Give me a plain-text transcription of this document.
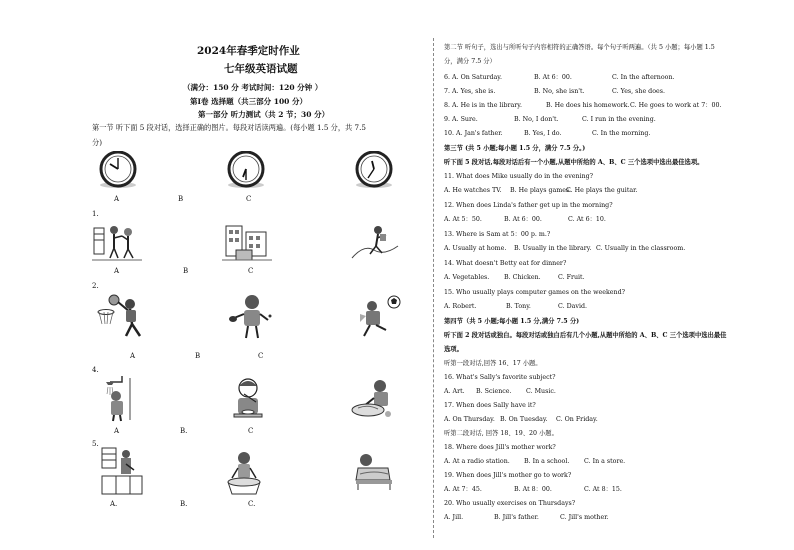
2024年春季定时作业
七年级英语试题
（满分：150 分 考试时间：120 分钟 ）
第Ⅰ卷 选择题（共三部分 100 分）
第一部分 听力测试（共 2 节；30 分）
第一节 听下面 5 段对话，选择正确的图片。每段对话读两遍。(每小题 1.5 分，共 7.5
分)
A	B	C
1.
A	B	C
2.
A	B	C
4.
A	B.	C
5.
A.	B.	C.
第二节 听句子，选出与所听句子内容相符的正确答语。每个句子听两遍。（共 5 小题；每小题 1.5
分，满分 7.5 分）
6. A. On Saturday.	B. At 6：00.	C. In the afternoon.
7. A. Yes, she is.	B. No, she isn't.	C. Yes, she does.
8. A. He is in the library.	B. He does his homework. C. He goes to work at 7：00.
9. A. Sure.	B. No, I don't.	C. I run in the evening.
10. A. Jan's father.	B. Yes, I do.	C. In the morning.
第三节 (共 5 小题;每小题 1.5 分，满分 7.5 分。)
听下面 5 段对话,每段对话后有一个小题,从题中所给的 A、B、C 三个选项中选出最佳选项。
11. What does Mike usually do in the evening?
A. He watches TV. B. He plays games.
C. He plays the guitar.
12. When does Linda's father get up in the morning?
A. At 5：50.	B. At 6：00.	C. At 6：10.
13. Where is Sam at 5：00 p. m.?
A. Usually at home. B. Usually in the library. C. Usually in the classroom.
14. What doesn't Betty eat for dinner?
A. Vegetables. B. Chicken.	C. Fruit.
15. Who usually plays computer games on the weekend?
A. Robert.	B. Tony.	C. David.
第四节（共 5 小题;每小题 1.5 分,满分 7.5 分)
听下面 2 段对话或独白。每段对话或独白后有几个小题,从题中所给的 A、B、C 三个选项中选出最佳
选项。
听第一段对话,回答 16、17 小题。
16. What's Sally's favorite subject?
A. Art. B. Science. C. Music.
17. When does Sally have it?
A. On Thursday. B. On Tuesday. C. On Friday.
听第二段对话, 回答 18、19、20 小题。
18. Where does Jill's mother work?
A. At a radio station. B. In a school. C. In a store.
19. When does Jill's mother go to work?
A. At 7：45.	B. At 8：00.	C. At 8：15.
20. Who usually exercises on Thursdays?
A. Jill.	B. Jill's father.	C. Jill's mother.
